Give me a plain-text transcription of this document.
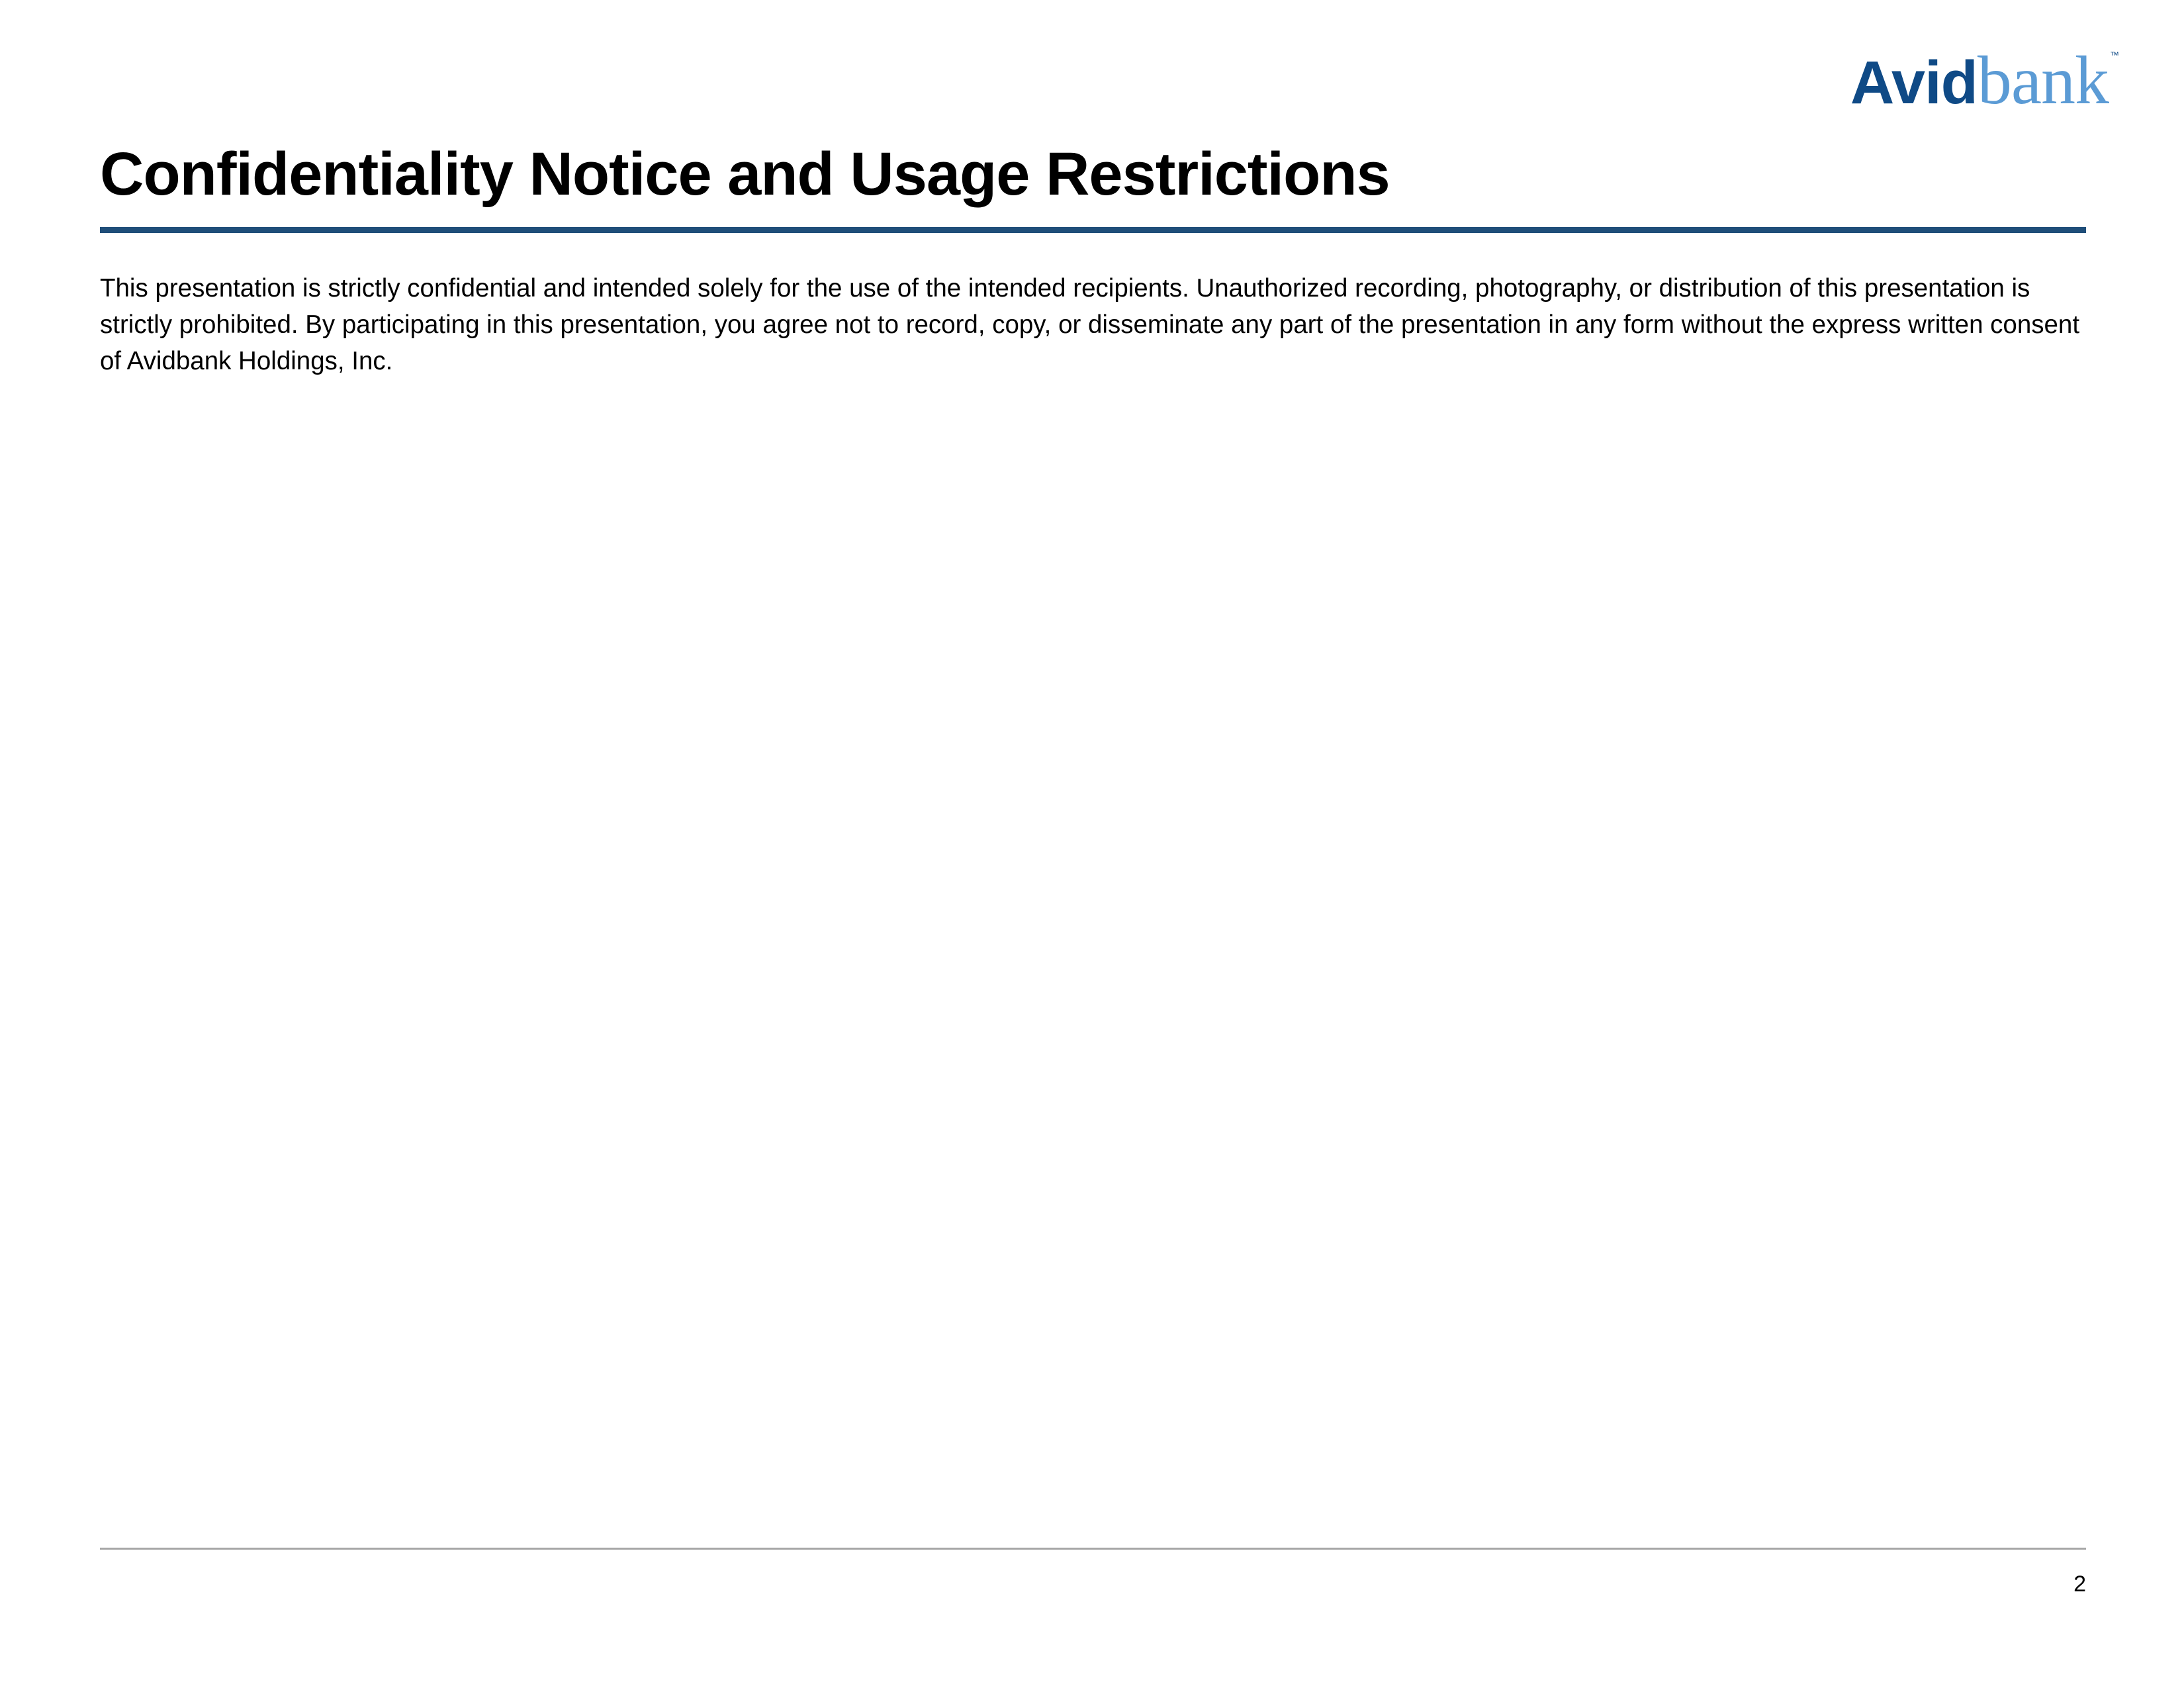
Avid bank ™
Confidentiality Notice and Usage Restrictions

This presentation is strictly confidential and intended solely for the use of the intended recipients. Unauthorized recording, photography, or distribution of this presentation is strictly prohibited. By participating in this presentation, you agree not to record, copy, or disseminate any part of the presentation in any form without the express written consent of Avidbank Holdings, Inc.

2
